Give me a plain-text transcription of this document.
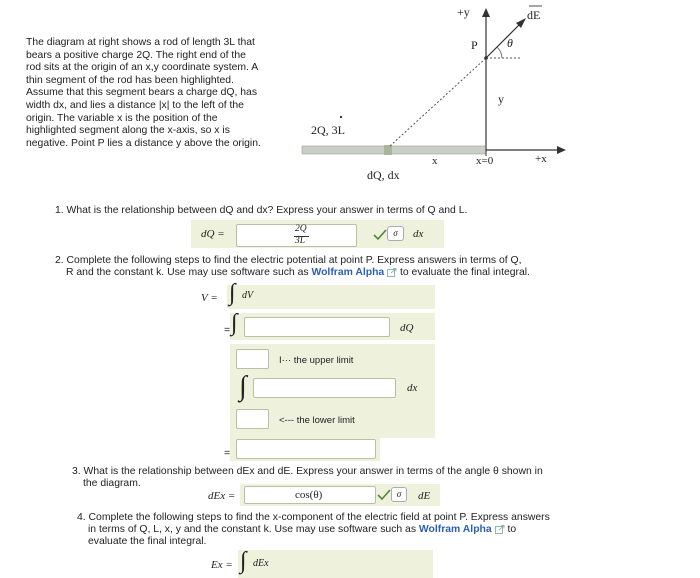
The diagram at right shows a rod of length 3L that
bears a positive charge 2Q. The right end of the
rod sits at the origin of an x,y coordinate system. A
thin segment of the rod has been highlighted.
Assume that this segment bears a charge dQ, has
width dx, and lies a distance |x| to the left of the
origin. The variable x is the position of the
highlighted segment along the x-axis, so x is
negative. Point P lies a distance y above the origin.
+y	dE
P θ
y
2Q, 3L
x	x=0	+x
dQ, dx
1. What is the relationship between dQ and dx? Express your answer in terms of Q and L.
dQ =	2Q
3L
σ	dx
2. Complete the following steps to find the electric potential at point P. Express answers in terms of Q,
R and the constant k. Use may use software such as Wolfram Alpha to evaluate the final integral.
V = ∫ dV
= ∫	dQ
I··· the upper limit
∫	dx
<--- the lower limit
=
3. What is the relationship between dEx and dE. Express your answer in terms of the angle θ shown in
the diagram.
dEx =	cos(θ)	σ	dE
4. Complete the following steps to find the x-component of the electric field at point P. Express answers
in terms of Q, L, x, y and the constant k. Use may use software such as Wolfram Alpha to
evaluate the final integral.
Ex = ∫ dEx
